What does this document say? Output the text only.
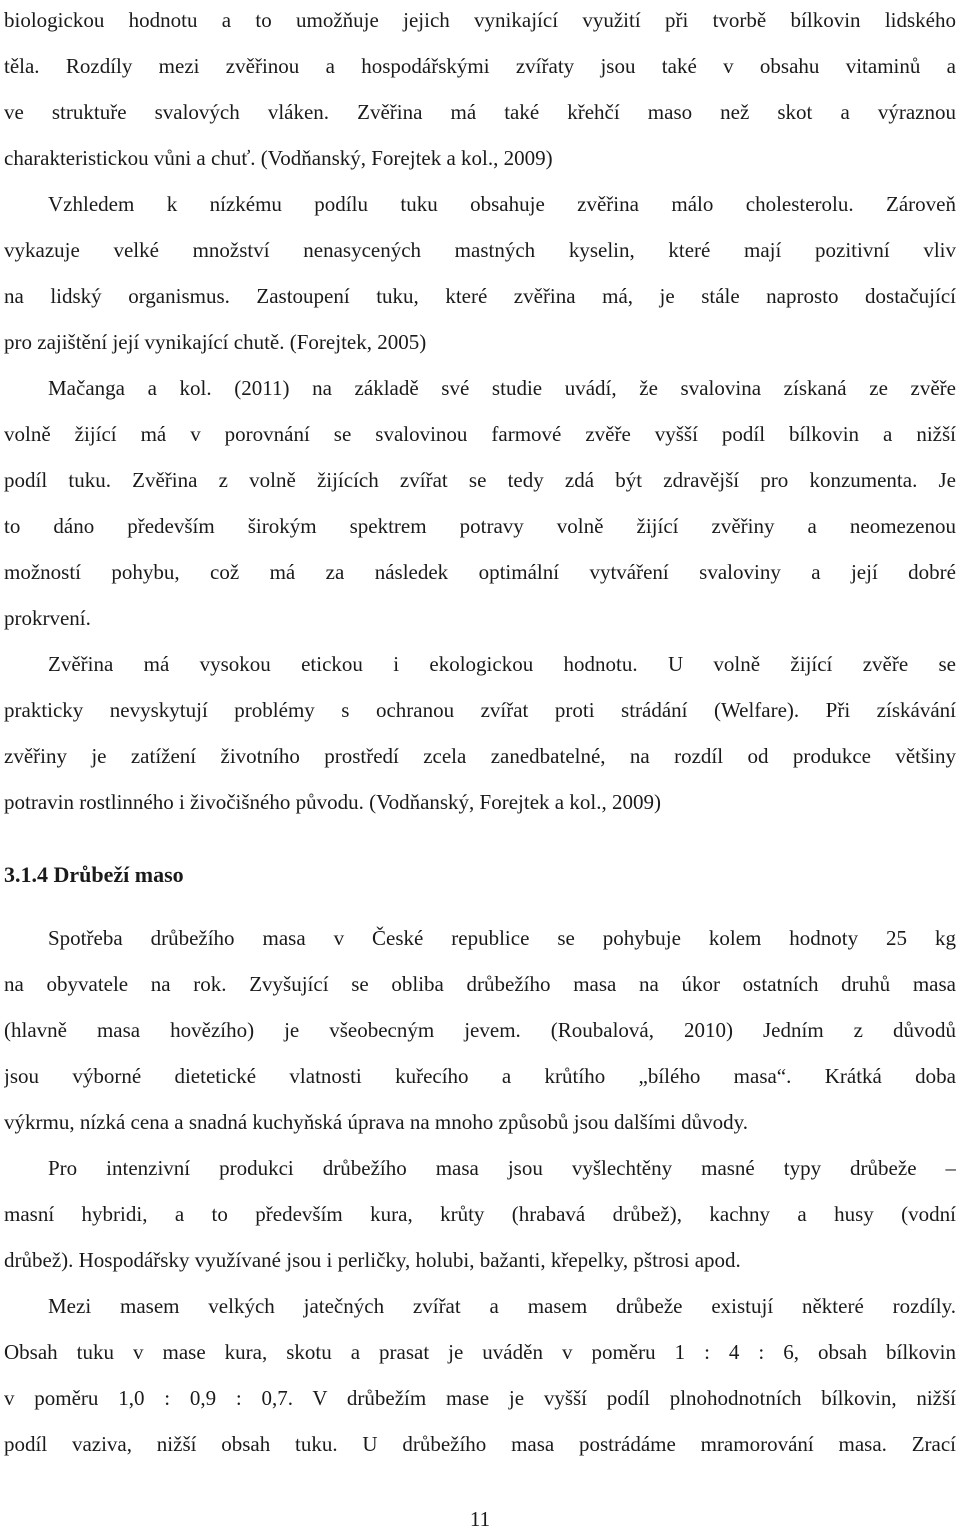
biologickou hodnotu a to umožňuje jejich vynikající využití při tvorbě bílkovin lidského
těla. Rozdíly mezi zvěřinou a hospodářskými zvířaty jsou také v obsahu vitaminů a
ve struktuře svalových vláken. Zvěřina má také křehčí maso než skot a výraznou
charakteristickou vůni a chuť. (Vodňanský, Forejtek a kol., 2009)
Vzhledem k nízkému podílu tuku obsahuje zvěřina málo cholesterolu. Zároveň
vykazuje velké množství nenasycených mastných kyselin, které mají pozitivní vliv
na lidský organismus. Zastoupení tuku, které zvěřina má, je stále naprosto dostačující
pro zajištění její vynikající chutě. (Forejtek, 2005)
Mačanga a kol. (2011) na základě své studie uvádí, že svalovina získaná ze zvěře
volně žijící má v porovnání se svalovinou farmové zvěře vyšší podíl bílkovin a nižší
podíl tuku. Zvěřina z volně žijících zvířat se tedy zdá být zdravější pro konzumenta. Je
to dáno především širokým spektrem potravy volně žijící zvěřiny a neomezenou
možností pohybu, což má za následek optimální vytváření svaloviny a její dobré
prokrvení.
Zvěřina má vysokou etickou i ekologickou hodnotu. U volně žijící zvěře se
prakticky nevyskytují problémy s ochranou zvířat proti strádání (Welfare). Při získávání
zvěřiny je zatížení životního prostředí zcela zanedbatelné, na rozdíl od produkce většiny
potravin rostlinného i živočišného původu. (Vodňanský, Forejtek a kol., 2009)
3.1.4 Drůbeží maso
Spotřeba drůbežího masa v České republice se pohybuje kolem hodnoty 25 kg
na obyvatele na rok. Zvyšující se obliba drůbežího masa na úkor ostatních druhů masa
(hlavně masa hovězího) je všeobecným jevem. (Roubalová, 2010) Jedním z důvodů
jsou výborné dietetické vlatnosti kuřecího a krůtího „bílého masa“. Krátká doba
výkrmu, nízká cena a snadná kuchyňská úprava na mnoho způsobů jsou dalšími důvody.
Pro intenzivní produkci drůbežího masa jsou vyšlechtěny masné typy drůbeže –
masní hybridi, a to především kura, krůty (hrabavá drůbež), kachny a husy (vodní
drůbež). Hospodářsky využívané jsou i perličky, holubi, bažanti, křepelky, pštrosi apod.
Mezi masem velkých jatečných zvířat a masem drůbeže existují některé rozdíly.
Obsah tuku v mase kura, skotu a prasat je uváděn v poměru 1 : 4 : 6, obsah bílkovin
v poměru 1,0 : 0,9 : 0,7. V drůbežím mase je vyšší podíl plnohodnotních bílkovin, nižší
podíl vaziva, nižší obsah tuku. U drůbežího masa postrádáme mramorování masa. Zrací
11
